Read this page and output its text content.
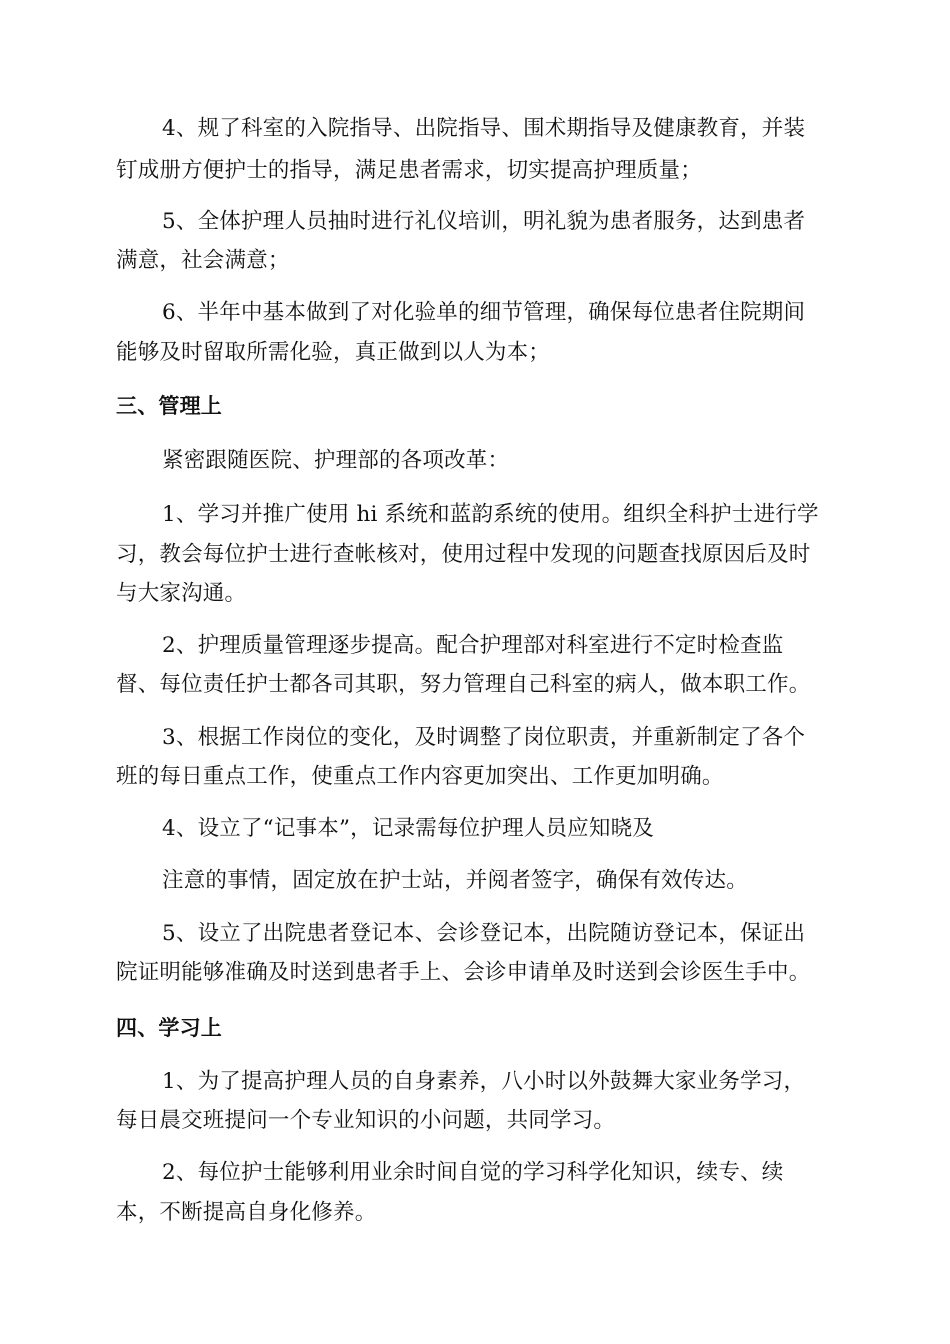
4、规了科室的入院指导、出院指导、围术期指导及健康教育，并装
钉成册方便护士的指导，满足患者需求，切实提高护理质量；
5、全体护理人员抽时进行礼仪培训，明礼貌为患者服务，达到患者
满意，社会满意；
6、半年中基本做到了对化验单的细节管理，确保每位患者住院期间
能够及时留取所需化验，真正做到以人为本；
三、管理上
紧密跟随医院、护理部的各项改革：
1、学习并推广使用 hi 系统和蓝韵系统的使用。组织全科护士进行学
习，教会每位护士进行查帐核对，使用过程中发现的问题查找原因后及时
与大家沟通。
2、护理质量管理逐步提高。配合护理部对科室进行不定时检查监
督、每位责任护士都各司其职，努力管理自己科室的病人，做本职工作。
3、根据工作岗位的变化，及时调整了岗位职责，并重新制定了各个
班的每日重点工作，使重点工作内容更加突出、工作更加明确。
4、设立了“记事本”，记录需每位护理人员应知晓及
注意的事情，固定放在护士站，并阅者签字，确保有效传达。
5、设立了出院患者登记本、会诊登记本，出院随访登记本，保证出
院证明能够准确及时送到患者手上、会诊申请单及时送到会诊医生手中。
四、学习上
1、为了提高护理人员的自身素养，八小时以外鼓舞大家业务学习，
每日晨交班提问一个专业知识的小问题，共同学习。
2、每位护士能够利用业余时间自觉的学习科学化知识，续专、续
本，不断提高自身化修养。
